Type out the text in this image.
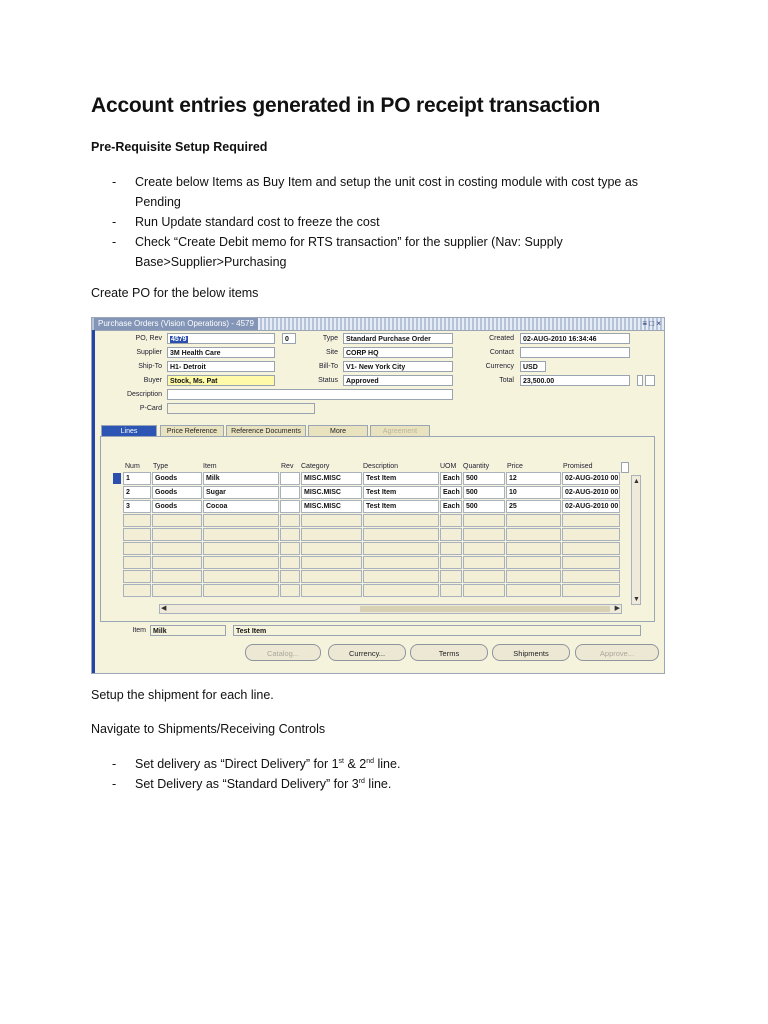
Account entries generated in PO receipt transaction
Pre-Requisite Setup Required
- Create below Items as Buy Item and setup the unit cost in costing module with cost type as Pending
- Run Update standard cost to freeze the cost
- Check “Create Debit memo for RTS transaction” for the supplier (Nav: Supply Base>Supplier>Purchasing
Create PO for the below items
Purchase Orders (Vision Operations) - 4579	≡ □ ×
PO, Rev	4579	0	Type	Standard Purchase Order	Created	02-AUG-2010 16:34:46
Supplier	3M Health Care	Site	CORP HQ	Contact
Ship-To	H1- Detroit	Bill-To	V1- New York City	Currency	USD
Buyer	Stock, Ms. Pat	Status	Approved	Total	23,500.00
Description
P-Card
Lines	Price Reference	Reference Documents	More	Agreement
Num Type	Item	Rev Category	Description	UOM Quantity	Price	Promised
1	Goods	Milk	MISC.MISC	Test Item	Each 500	12	02-AUG-2010 00
2	Goods	Sugar	MISC.MISC	Test Item	Each 500	10	02-AUG-2010 00
3	Goods	Cocoa	MISC.MISC	Test Item	Each 500	25	02-AUG-2010 00
▲
▼
◀	▶
Item	Milk	Test Item
Catalog...	Currency...	Terms	Shipments	Approve...
Setup the shipment for each line.
Navigate to Shipments/Receiving Controls
- Set delivery as “Direct Delivery” for 1st & 2nd line.
- Set Delivery as “Standard Delivery” for 3rd line.
